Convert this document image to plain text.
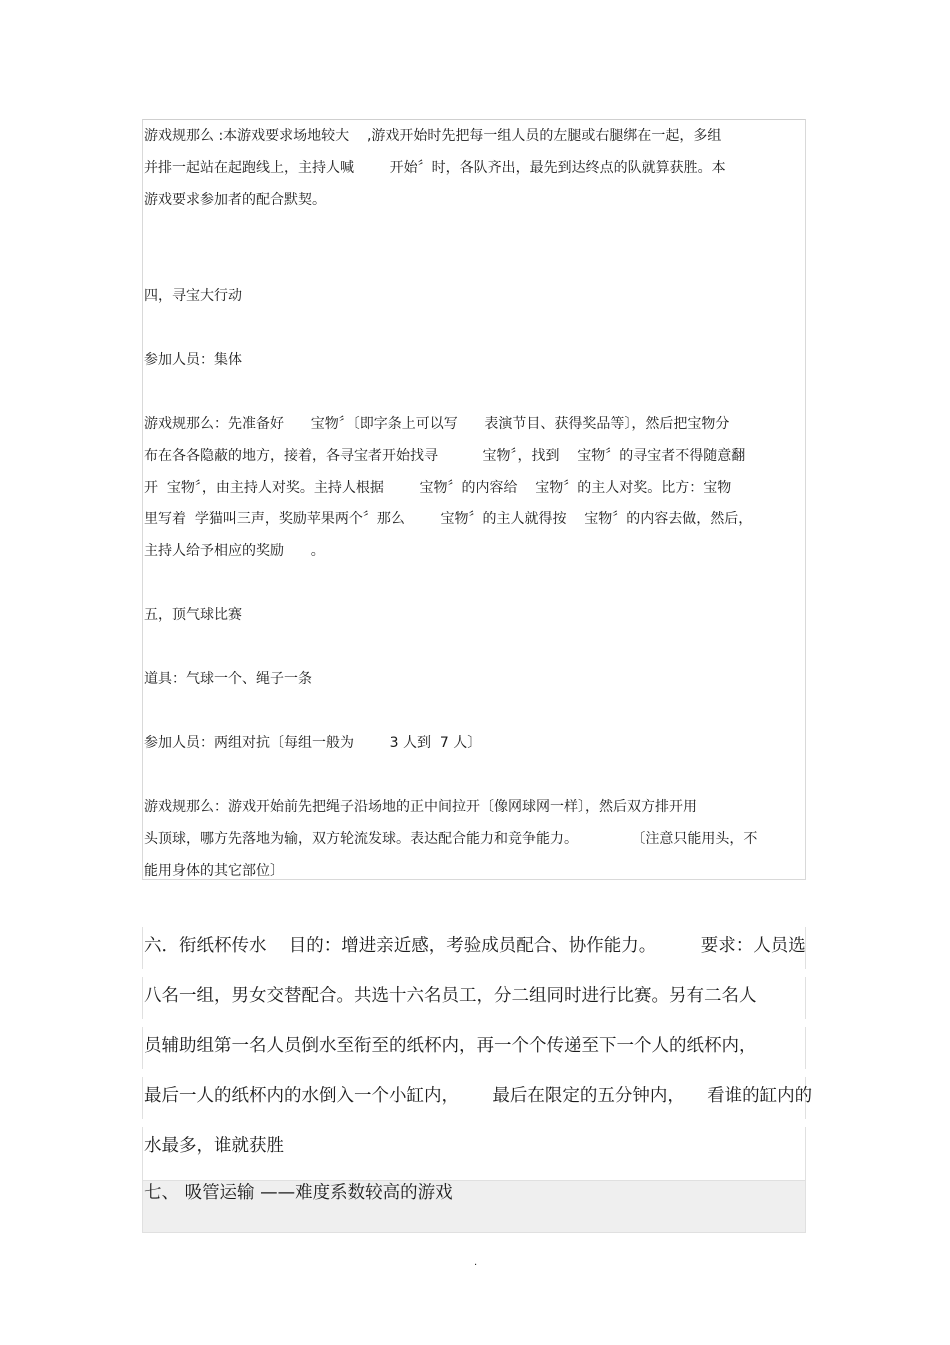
游戏规那么 :本游戏要求场地较大    ,游戏开始时先把每一组人员的左腿或右腿绑在一起，多组
并排一起站在起跑线上，主持人喊        开始〞时，各队齐出，最先到达终点的队就算获胜。本
游戏要求参加者的配合默契。
四，寻宝大行动
参加人员：集体
游戏规那么：先准备好      宝物〞〔即字条上可以写      表演节目、获得奖品等〕，然后把宝物分
布在各各隐蔽的地方，接着，各寻宝者开始找寻          宝物〞，找到    宝物〞的寻宝者不得随意翻
开  宝物〞，由主持人对奖。主持人根据        宝物〞的内容给    宝物〞的主人对奖。比方：宝物
里写着  学猫叫三声，奖励苹果两个〞那么        宝物〞的主人就得按    宝物〞的内容去做，然后，
主持人给予相应的奖励      。
五，顶气球比赛
道具：气球一个、绳子一条
参加人员：两组对抗〔每组一般为        3 人到  7 人〕
游戏规那么：游戏开始前先把绳子沿场地的正中间拉开〔像网球网一样〕，然后双方排开用
头顶球，哪方先落地为输，双方轮流发球。表达配合能力和竞争能力。            〔注意只能用头，不
能用身体的其它部位〕
六．衔纸杯传水    目的：增进亲近感，考验成员配合、协作能力。        要求：人员选
八名一组，男女交替配合。共选十六名员工，分二组同时进行比赛。另有二名人
员辅助组第一名人员倒水至衔至的纸杯内，再一个个传递至下一个人的纸杯内，
最后一人的纸杯内的水倒入一个小缸内，      最后在限定的五分钟内，    看谁的缸内的
水最多，谁就获胜
七、 吸管运输 ——难度系数较高的游戏
.
